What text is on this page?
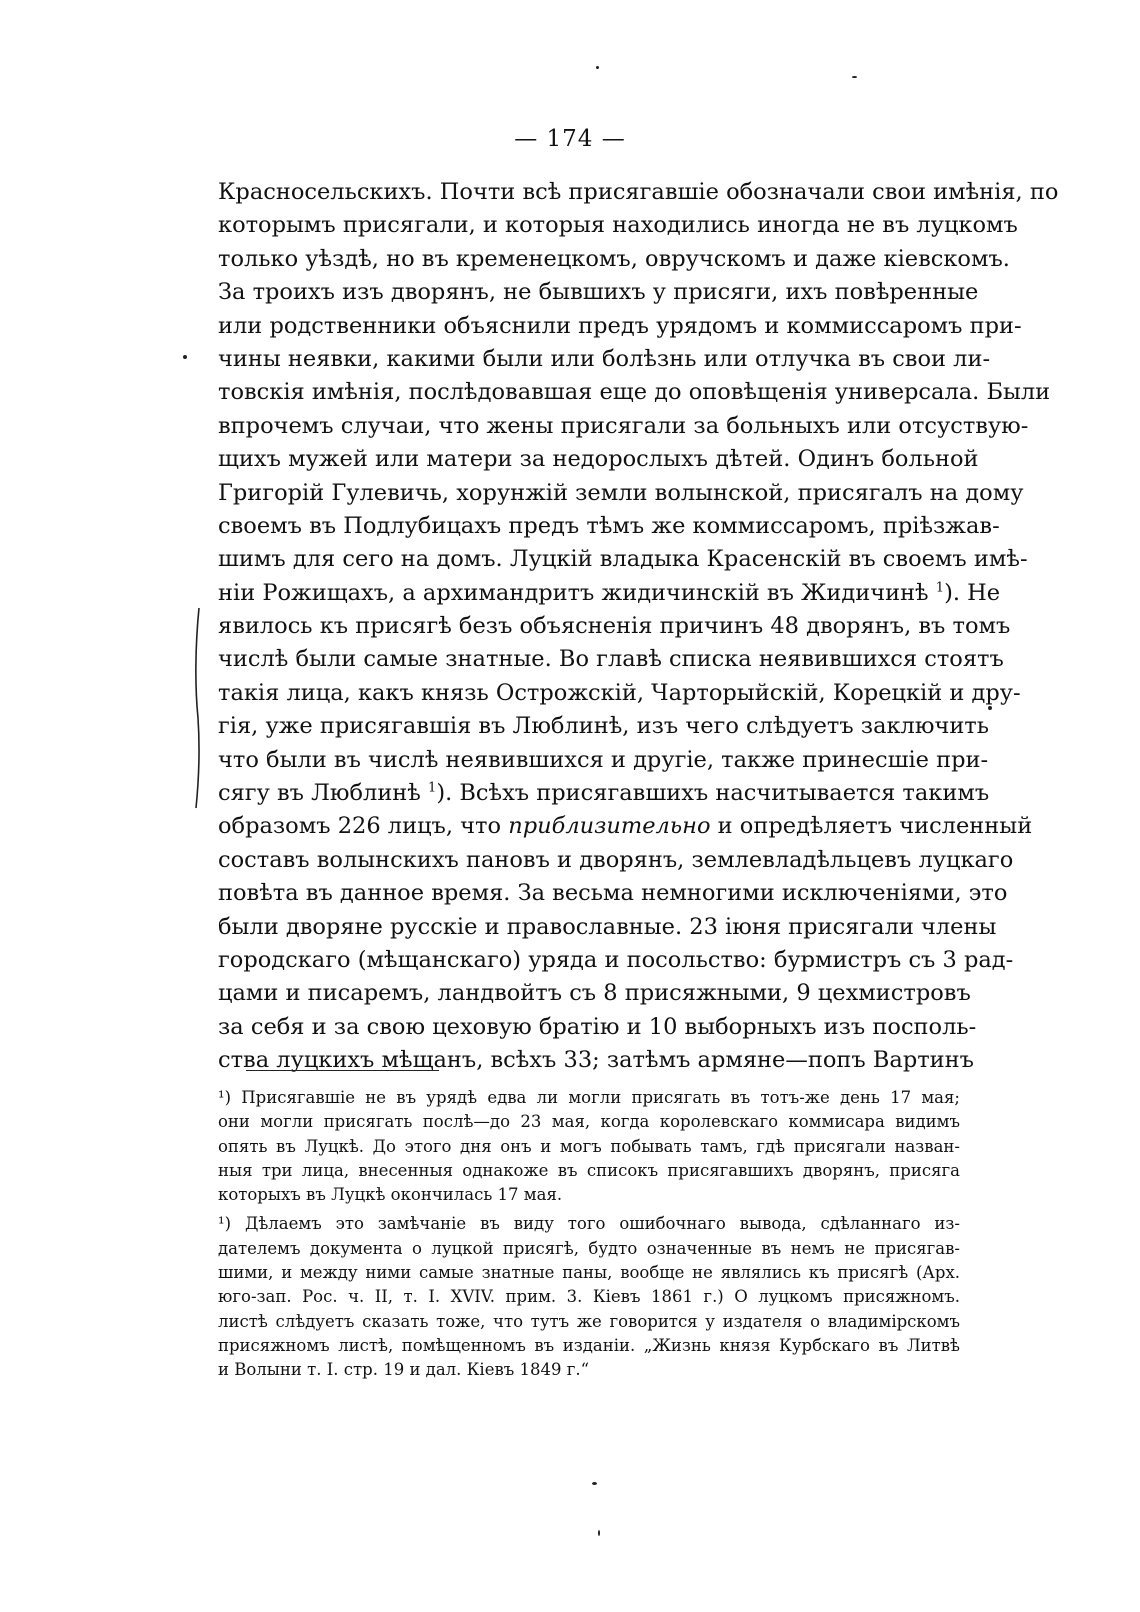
— 174 —
Красносельскихъ. Почти всѣ присягавшіе обозначали свои имѣнія, по
которымъ присягали, и которыя находились иногда не въ луцкомъ
только уѣздѣ, но въ кременецкомъ, овручскомъ и даже кіевскомъ.
За троихъ изъ дворянъ, не бывшихъ у присяги, ихъ повѣренные
или родственники объяснили предъ урядомъ и коммиссаромъ при-
чины неявки, какими были или болѣзнь или отлучка въ свои ли-
товскія имѣнія, послѣдовавшая еще до оповѣщенія универсала. Были
впрочемъ случаи, что жены присягали за больныхъ или отсуствую-
щихъ мужей или матери за недорослыхъ дѣтей. Одинъ больной
Григорій Гулевичь, хорунжій земли волынской, присягалъ на дому
своемъ въ Подлубицахъ предъ тѣмъ же коммиссаромъ, пріѣзжав-
шимъ для сего на домъ. Луцкій владыка Красенскій въ своемъ имѣ-
ніи Рожищахъ, а архимандритъ жидичинскій въ Жидичинѣ $^1$). Не
явилось къ присягѣ безъ объясненія причинъ 48 дворянъ, въ томъ
числѣ были самые знатные. Во главѣ списка неявившихся стоятъ
такія лица, какъ князь Острожскій, Чарторыйскій, Корецкій и дру-
гія, уже присягавшія въ Люблинѣ, изъ чего слѣдуетъ заключить
что были въ числѣ неявившихся и другіе, также принесшіе при-
сягу въ Люблинѣ $^1$). Всѣхъ присягавшихъ насчитывается такимъ
образомъ 226 лицъ, что приблизительно и опредѣляетъ численный
составъ волынскихъ пановъ и дворянъ, землевладѣльцевъ луцкаго
повѣта въ данное время. За весьма немногими исключеніями, это
были дворяне русскіе и православные. 23 іюня присягали члены
городскаго (мѣщанскаго) уряда и посольство: бурмистръ съ 3 рад-
цами и писаремъ, ландвойтъ съ 8 присяжными, 9 цехмистровъ
за себя и за свою цеховую братію и 10 выборныхъ изъ посполь-
ства луцкихъ мѣщанъ, всѣхъ 33; затѣмъ армяне—попъ Вартинъ
¹) Присягавшіе не въ урядѣ едва ли могли присягать въ тотъ-же день 17 мая;
они могли присягать послѣ—до 23 мая, когда королевскаго коммисара видимъ
опять въ Луцкѣ. До этого дня онъ и могъ побывать тамъ, гдѣ присягали назван-
ныя три лица, внесенныя однакоже въ списокъ присягавшихъ дворянъ, присяга
которыхъ въ Луцкѣ окончилась 17 мая.
¹) Дѣлаемъ это замѣчаніе въ виду того ошибочнаго вывода, сдѣланнаго из-
дателемъ документа о луцкой присягѣ, будто означенные въ немъ не присягав-
шими, и между ними самые знатные паны, вообще не являлись къ присягѣ (Арх.
юго-зап. Рос. ч. II, т. I. XVIV. прим. 3. Кіевъ 1861 г.) О луцкомъ присяжномъ.
листѣ слѣдуетъ сказать тоже, что тутъ же говорится у издателя о владимірскомъ
присяжномъ листѣ, помѣщенномъ въ изданіи. „Жизнь князя Курбскаго въ Литвѣ
и Волыни т. I. стр. 19 и дал. Кіевъ 1849 г.“
